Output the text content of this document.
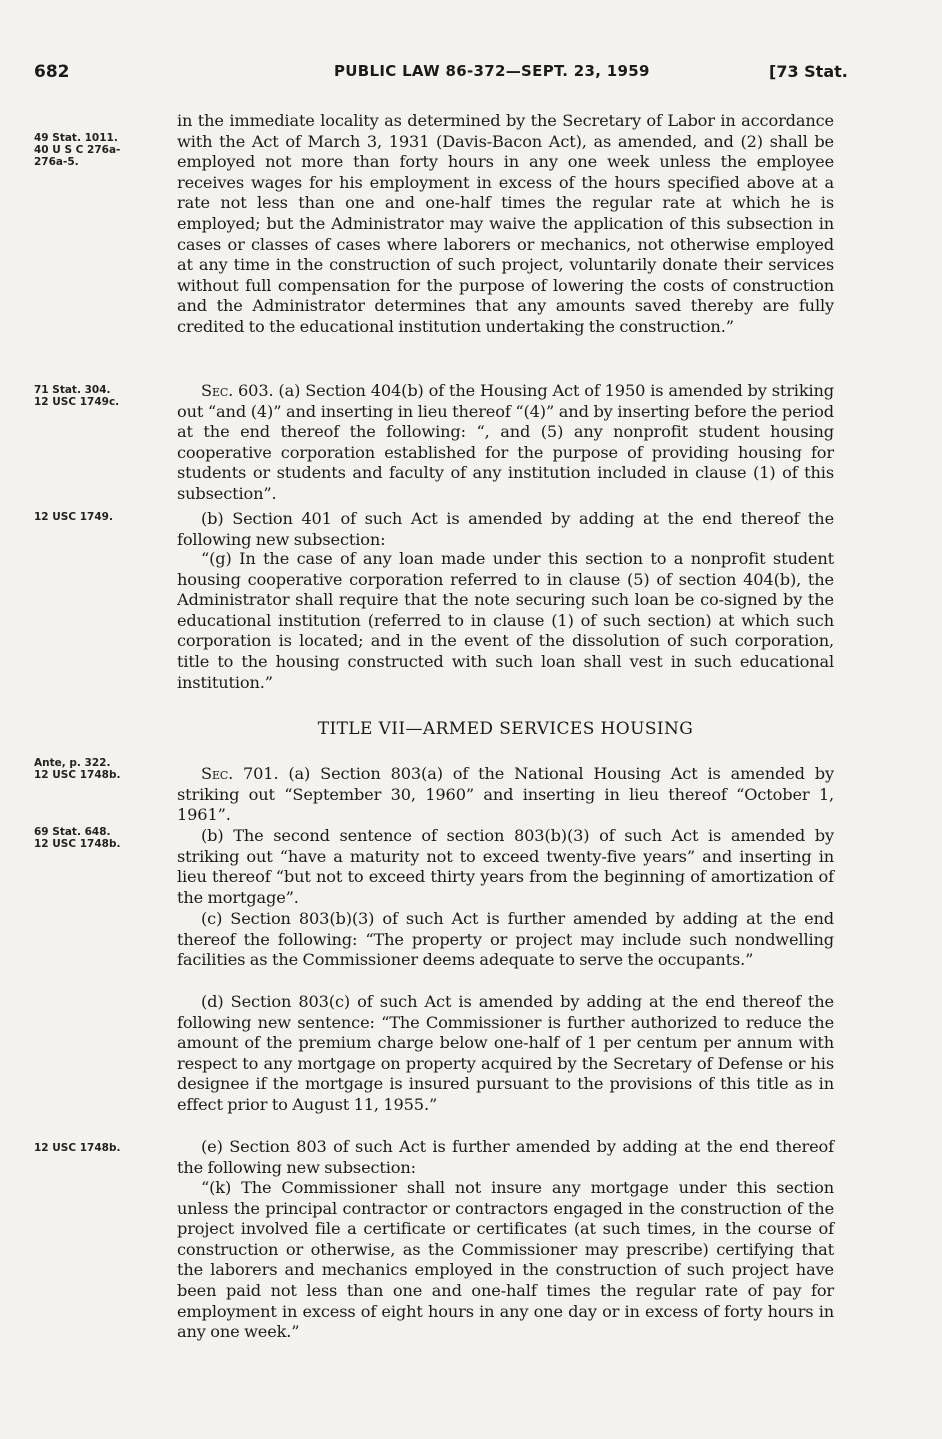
682	PUBLIC LAW 86-372—SEPT. 23, 1959	[73 Stat.
49 Stat. 1011.
40 U S C 276a-
276a-5.
71 Stat. 304.
12 USC 1749c.
12 USC 1749.
Ante, p. 322.
12 USC 1748b.
69 Stat. 648.
12 USC 1748b.
12 USC 1748b.
in the immediate locality as determined by the Secretary of Labor in accordance with the Act of March 3, 1931 (Davis-Bacon Act), as amended, and (2) shall be employed not more than forty hours in any one week unless the employee receives wages for his employment in excess of the hours specified above at a rate not less than one and one-half times the regular rate at which he is employed; but the Administrator may waive the application of this subsection in cases or classes of cases where laborers or mechanics, not otherwise employed at any time in the construction of such project, voluntarily donate their services without full compensation for the purpose of lowering the costs of construction and the Administrator determines that any amounts saved thereby are fully credited to the educational institution undertaking the construction.”
Sec. 603. (a) Section 404(b) of the Housing Act of 1950 is amended by striking out “and (4)” and inserting in lieu thereof “(4)” and by inserting before the period at the end thereof the following: “, and (5) any nonprofit student housing cooperative corporation established for the purpose of providing housing for students or students and faculty of any institution included in clause (1) of this subsection”.
(b) Section 401 of such Act is amended by adding at the end thereof the following new subsection:
“(g) In the case of any loan made under this section to a nonprofit student housing cooperative corporation referred to in clause (5) of section 404(b), the Administrator shall require that the note securing such loan be co-signed by the educational institution (referred to in clause (1) of such section) at which such corporation is located; and in the event of the dissolution of such corporation, title to the housing constructed with such loan shall vest in such educational institution.”
TITLE VII—ARMED SERVICES HOUSING
Sec. 701. (a) Section 803(a) of the National Housing Act is amended by striking out “September 30, 1960” and inserting in lieu thereof “October 1, 1961”.
(b) The second sentence of section 803(b)(3) of such Act is amended by striking out “have a maturity not to exceed twenty-five years” and inserting in lieu thereof “but not to exceed thirty years from the beginning of amortization of the mortgage”.
(c) Section 803(b)(3) of such Act is further amended by adding at the end thereof the following: “The property or project may include such nondwelling facilities as the Commissioner deems adequate to serve the occupants.”
(d) Section 803(c) of such Act is amended by adding at the end thereof the following new sentence: “The Commissioner is further authorized to reduce the amount of the premium charge below one-half of 1 per centum per annum with respect to any mortgage on property acquired by the Secretary of Defense or his designee if the mortgage is insured pursuant to the provisions of this title as in effect prior to August 11, 1955.”
(e) Section 803 of such Act is further amended by adding at the end thereof the following new subsection:
“(k) The Commissioner shall not insure any mortgage under this section unless the principal contractor or contractors engaged in the construction of the project involved file a certificate or certificates (at such times, in the course of construction or otherwise, as the Commissioner may prescribe) certifying that the laborers and mechanics employed in the construction of such project have been paid not less than one and one-half times the regular rate of pay for employment in excess of eight hours in any one day or in excess of forty hours in any one week.”
